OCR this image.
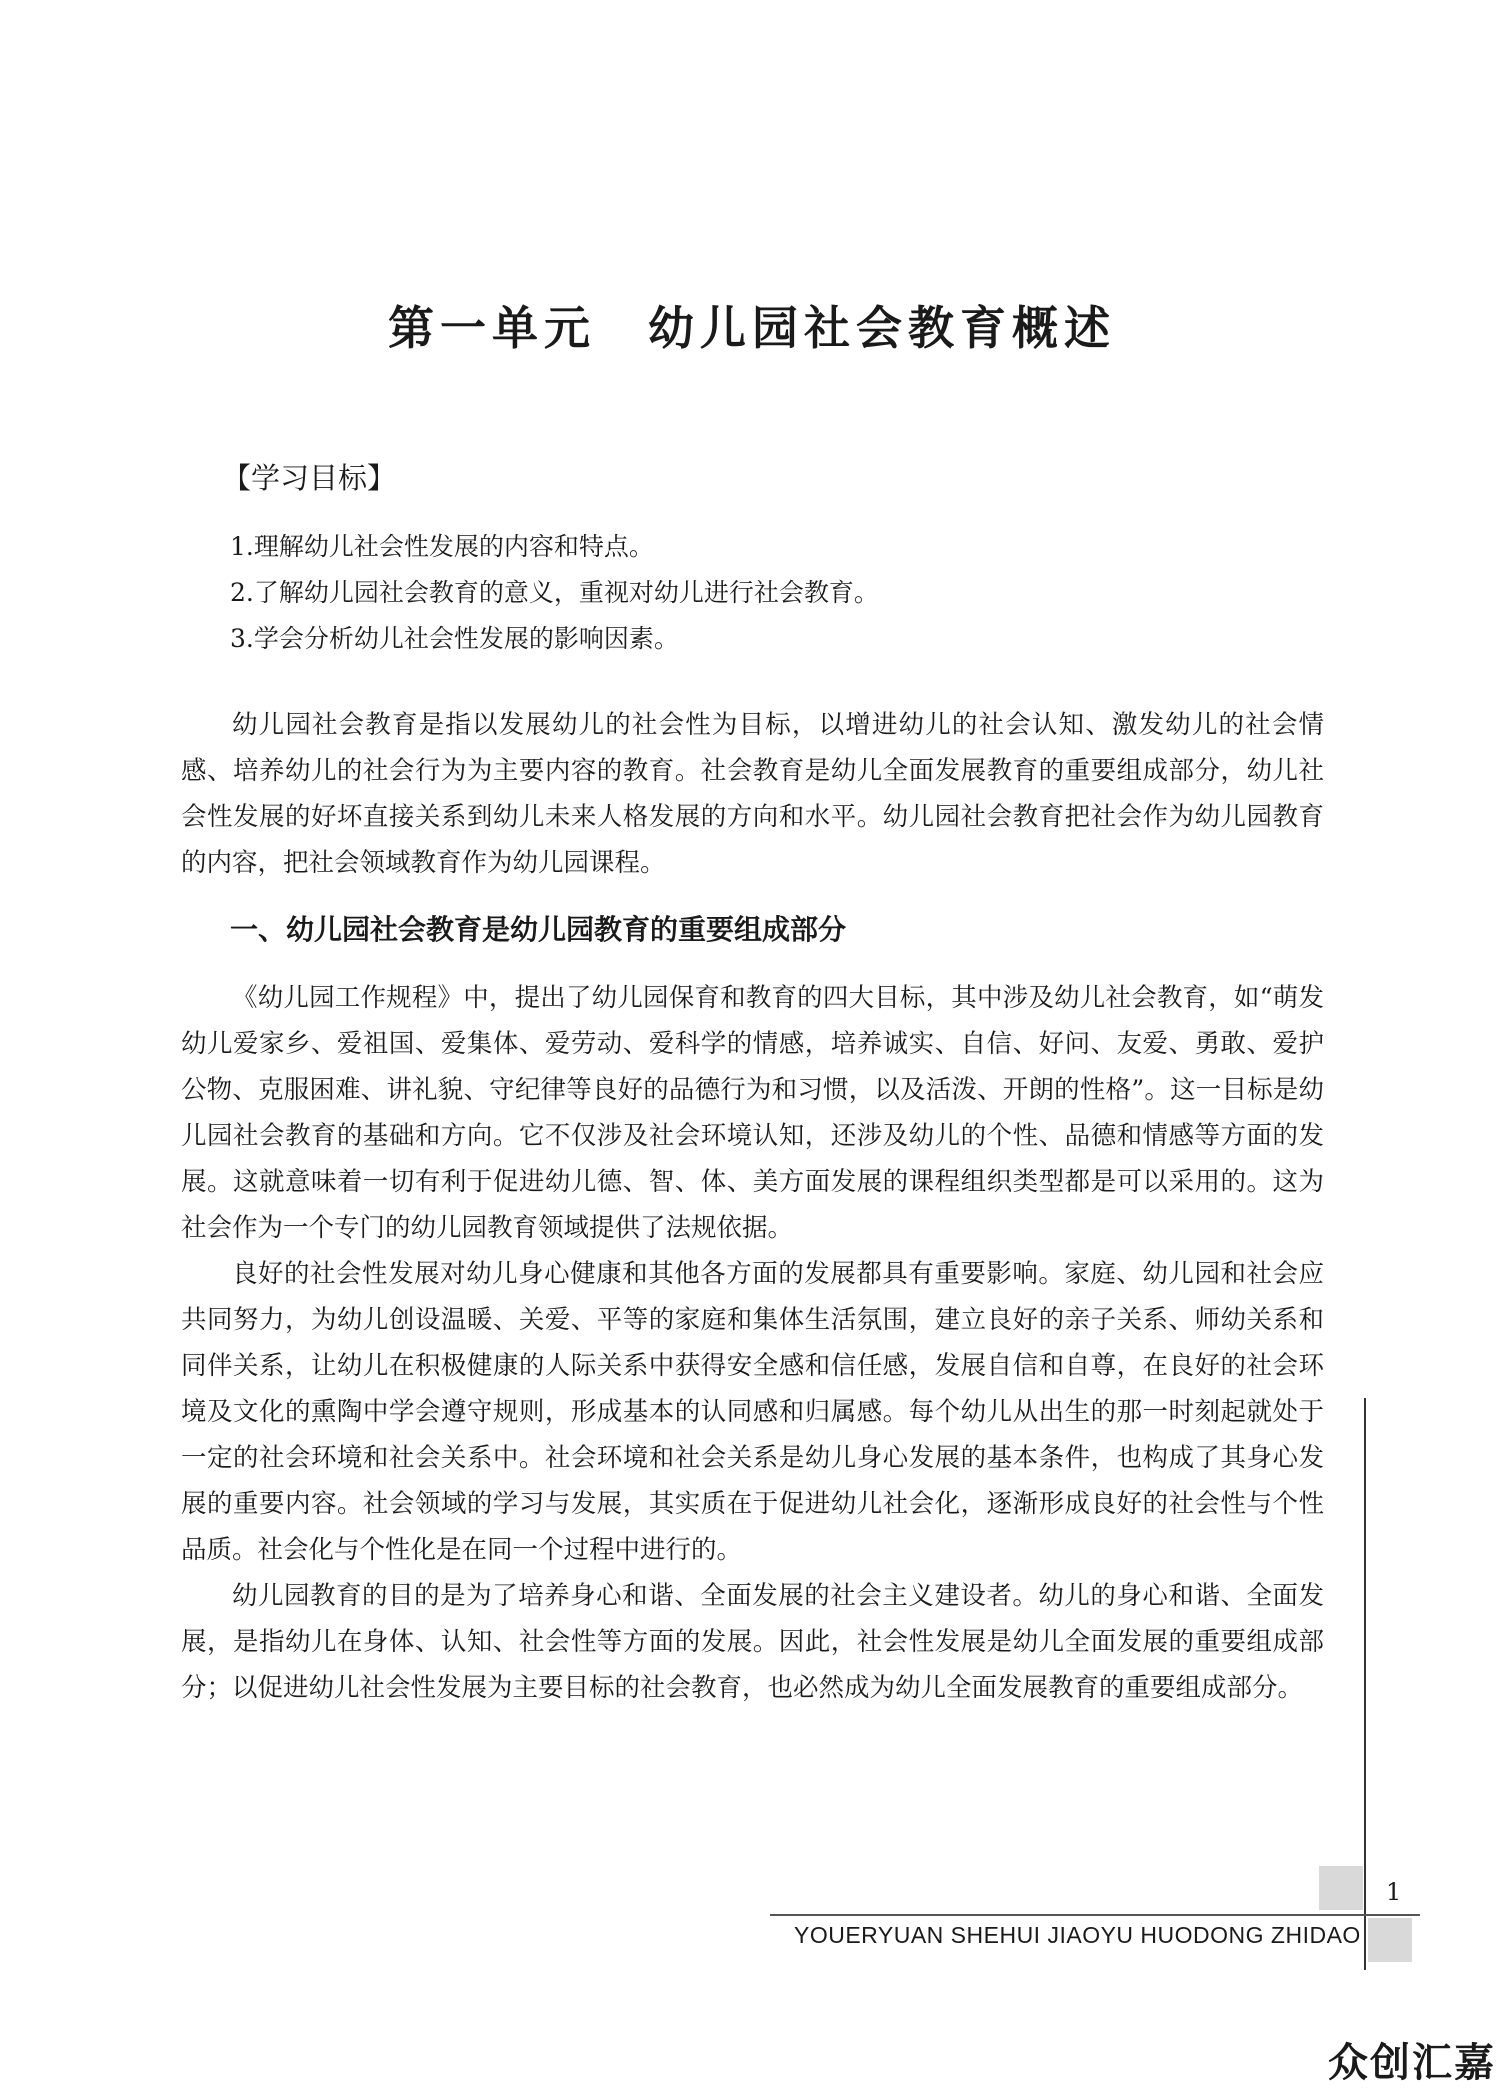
第一单元　幼儿园社会教育概述
【学习目标】
1.理解幼儿社会性发展的内容和特点。
2.了解幼儿园社会教育的意义，重视对幼儿进行社会教育。
3.学会分析幼儿社会性发展的影响因素。

幼儿园社会教育是指以发展幼儿的社会性为目标，以增进幼儿的社会认知、激发幼儿的社会情感、培养幼儿的社会行为为主要内容的教育。社会教育是幼儿全面发展教育的重要组成部分，幼儿社会性发展的好坏直接关系到幼儿未来人格发展的方向和水平。幼儿园社会教育把社会作为幼儿园教育的内容，把社会领域教育作为幼儿园课程。

一、幼儿园社会教育是幼儿园教育的重要组成部分

《幼儿园工作规程》中，提出了幼儿园保育和教育的四大目标，其中涉及幼儿社会教育，如“萌发幼儿爱家乡、爱祖国、爱集体、爱劳动、爱科学的情感，培养诚实、自信、好问、友爱、勇敢、爱护公物、克服困难、讲礼貌、守纪律等良好的品德行为和习惯，以及活泼、开朗的性格”。这一目标是幼儿园社会教育的基础和方向。它不仅涉及社会环境认知，还涉及幼儿的个性、品德和情感等方面的发展。这就意味着一切有利于促进幼儿德、智、体、美方面发展的课程组织类型都是可以采用的。这为社会作为一个专门的幼儿园教育领域提供了法规依据。

良好的社会性发展对幼儿身心健康和其他各方面的发展都具有重要影响。家庭、幼儿园和社会应共同努力，为幼儿创设温暖、关爱、平等的家庭和集体生活氛围，建立良好的亲子关系、师幼关系和同伴关系，让幼儿在积极健康的人际关系中获得安全感和信任感，发展自信和自尊，在良好的社会环境及文化的熏陶中学会遵守规则，形成基本的认同感和归属感。每个幼儿从出生的那一时刻起就处于一定的社会环境和社会关系中。社会环境和社会关系是幼儿身心发展的基本条件，也构成了其身心发展的重要内容。社会领域的学习与发展，其实质在于促进幼儿社会化，逐渐形成良好的社会性与个性品质。社会化与个性化是在同一个过程中进行的。

幼儿园教育的目的是为了培养身心和谐、全面发展的社会主义建设者。幼儿的身心和谐、全面发展，是指幼儿在身体、认知、社会性等方面的发展。因此，社会性发展是幼儿全面发展的重要组成部分；以促进幼儿社会性发展为主要目标的社会教育，也必然成为幼儿全面发展教育的重要组成部分。

1
YOUERYUAN SHEHUI JIAOYU HUODONG ZHIDAO
众创汇嘉
